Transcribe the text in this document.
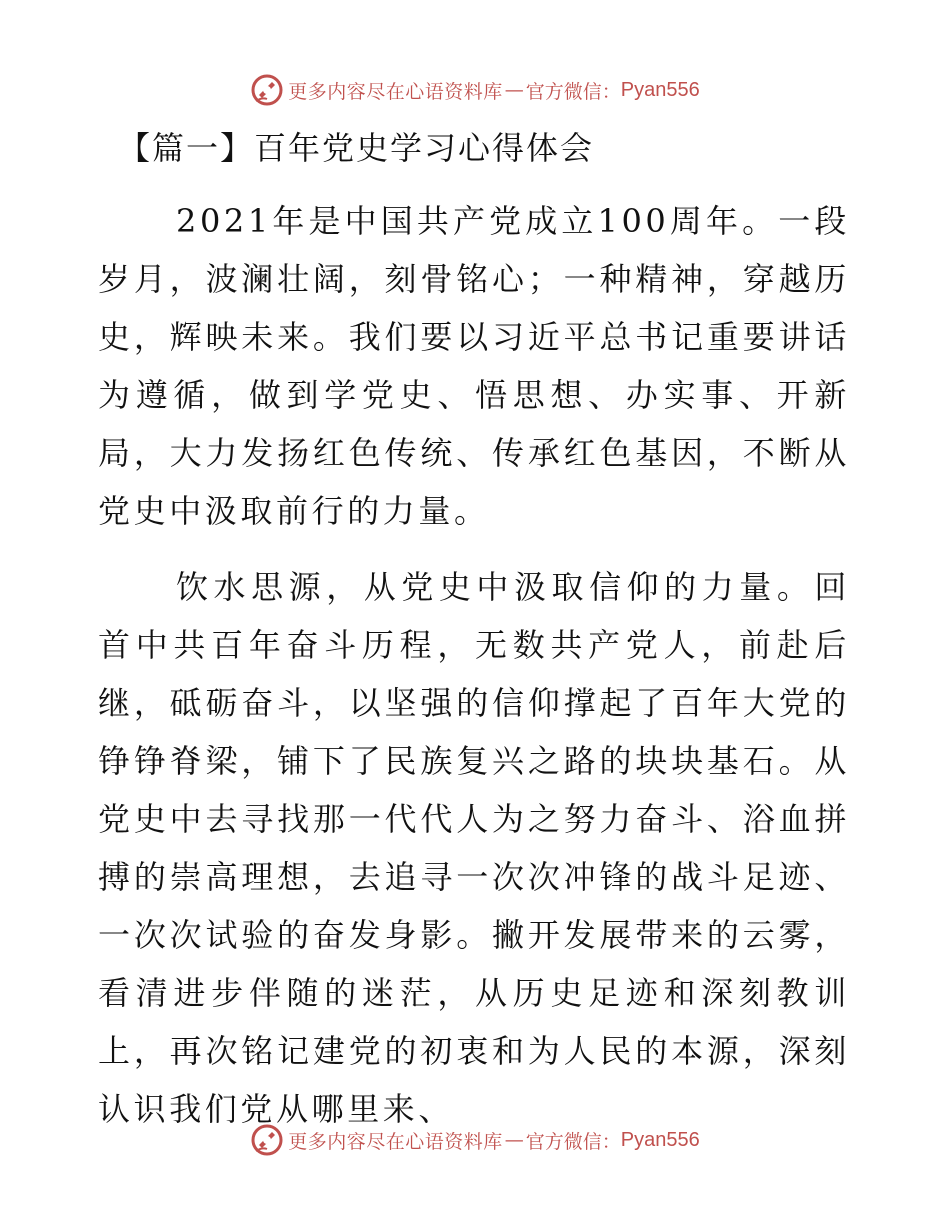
更多内容尽在心语资料库 — 官方微信： Pyan556
【篇一】百年党史学习心得体会

2021年是中国共产党成立100周年。一段岁月，波澜壮阔，刻骨铭心；一种精神，穿越历史，辉映未来。我们要以习近平总书记重要讲话为遵循，做到学党史、悟思想、办实事、开新局，大力发扬红色传统、传承红色基因，不断从党史中汲取前行的力量。

饮水思源，从党史中汲取信仰的力量。回首中共百年奋斗历程，无数共产党人，前赴后继，砥砺奋斗，以坚强的信仰撑起了百年大党的铮铮脊梁，铺下了民族复兴之路的块块基石。从党史中去寻找那一代代人为之努力奋斗、浴血拼搏的崇高理想，去追寻一次次冲锋的战斗足迹、一次次试验的奋发身影。撇开发展带来的云雾，看清进步伴随的迷茫，从历史足迹和深刻教训上，再次铭记建党的初衷和为人民的本源，深刻认识我们党从哪里来、

更多内容尽在心语资料库 — 官方微信： Pyan556
